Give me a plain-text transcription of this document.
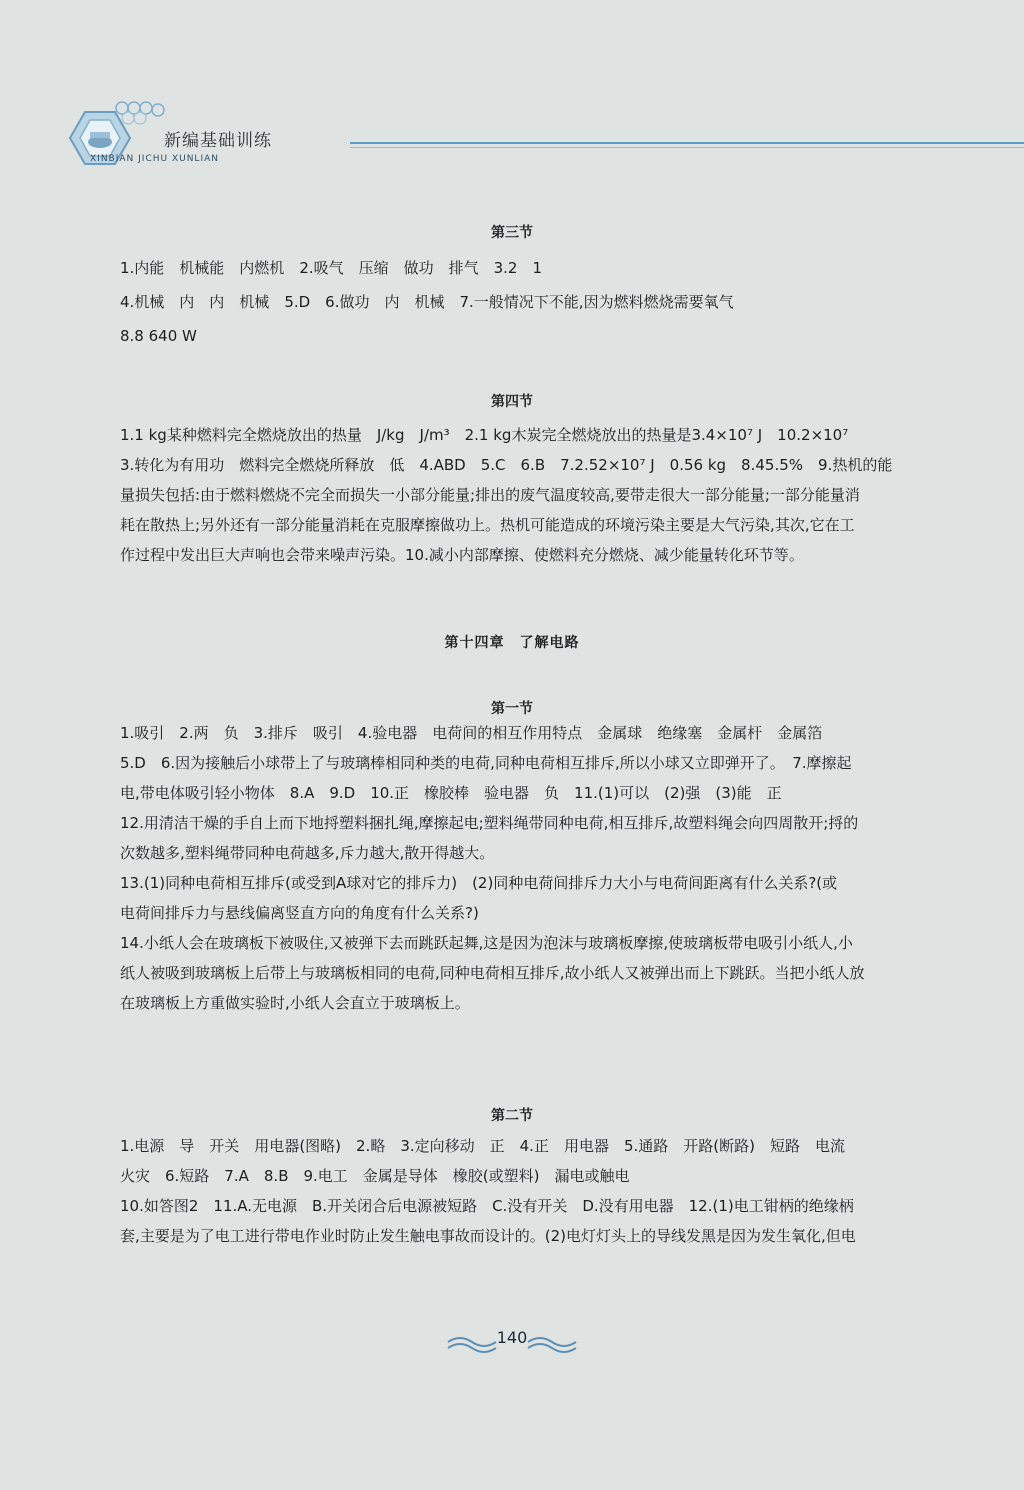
新编基础训练
XINBIAN JICHU XUNLIAN
第三节
1.内能　机械能　内燃机　2.吸气　压缩　做功　排气　3.2　1
4.机械　内　内　机械　5.D　6.做功　内　机械　7.一般情况下不能,因为燃料燃烧需要氧气
8.8 640 W
第四节
1.1 kg某种燃料完全燃烧放出的热量　J/kg　J/m³　2.1 kg木炭完全燃烧放出的热量是3.4×10⁷ J　10.2×10⁷
3.转化为有用功　燃料完全燃烧所释放　低　4.ABD　5.C　6.B　7.2.52×10⁷ J　0.56 kg　8.45.5%　9.热机的能
量损失包括:由于燃料燃烧不完全而损失一小部分能量;排出的废气温度较高,要带走很大一部分能量;一部分能量消
耗在散热上;另外还有一部分能量消耗在克服摩擦做功上。热机可能造成的环境污染主要是大气污染,其次,它在工
作过程中发出巨大声响也会带来噪声污染。10.减小内部摩擦、使燃料充分燃烧、减少能量转化环节等。
第十四章　了解电路
第一节
1.吸引　2.两　负　3.排斥　吸引　4.验电器　电荷间的相互作用特点　金属球　绝缘塞　金属杆　金属箔
5.D　6.因为接触后小球带上了与玻璃棒相同种类的电荷,同种电荷相互排斥,所以小球又立即弹开了。　7.摩擦起
电,带电体吸引轻小物体　8.A　9.D　10.正　橡胶棒　验电器　负　11.(1)可以　(2)强　(3)能　正
12.用清洁干燥的手自上而下地捋塑料捆扎绳,摩擦起电;塑料绳带同种电荷,相互排斥,故塑料绳会向四周散开;捋的
次数越多,塑料绳带同种电荷越多,斥力越大,散开得越大。
13.(1)同种电荷相互排斥(或受到A球对它的排斥力)　(2)同种电荷间排斥力大小与电荷间距离有什么关系?(或
电荷间排斥力与悬线偏离竖直方向的角度有什么关系?)
14.小纸人会在玻璃板下被吸住,又被弹下去而跳跃起舞,这是因为泡沫与玻璃板摩擦,使玻璃板带电吸引小纸人,小
纸人被吸到玻璃板上后带上与玻璃板相同的电荷,同种电荷相互排斥,故小纸人又被弹出而上下跳跃。当把小纸人放
在玻璃板上方重做实验时,小纸人会直立于玻璃板上。
第二节
1.电源　导　开关　用电器(图略)　2.略　3.定向移动　正　4.正　用电器　5.通路　开路(断路)　短路　电流
火灾　6.短路　7.A　8.B　9.电工　金属是导体　橡胶(或塑料)　漏电或触电
10.如答图2　11.A.无电源　B.开关闭合后电源被短路　C.没有开关　D.没有用电器　12.(1)电工钳柄的绝缘柄
套,主要是为了电工进行带电作业时防止发生触电事故而设计的。(2)电灯灯头上的导线发黑是因为发生氧化,但电
140
